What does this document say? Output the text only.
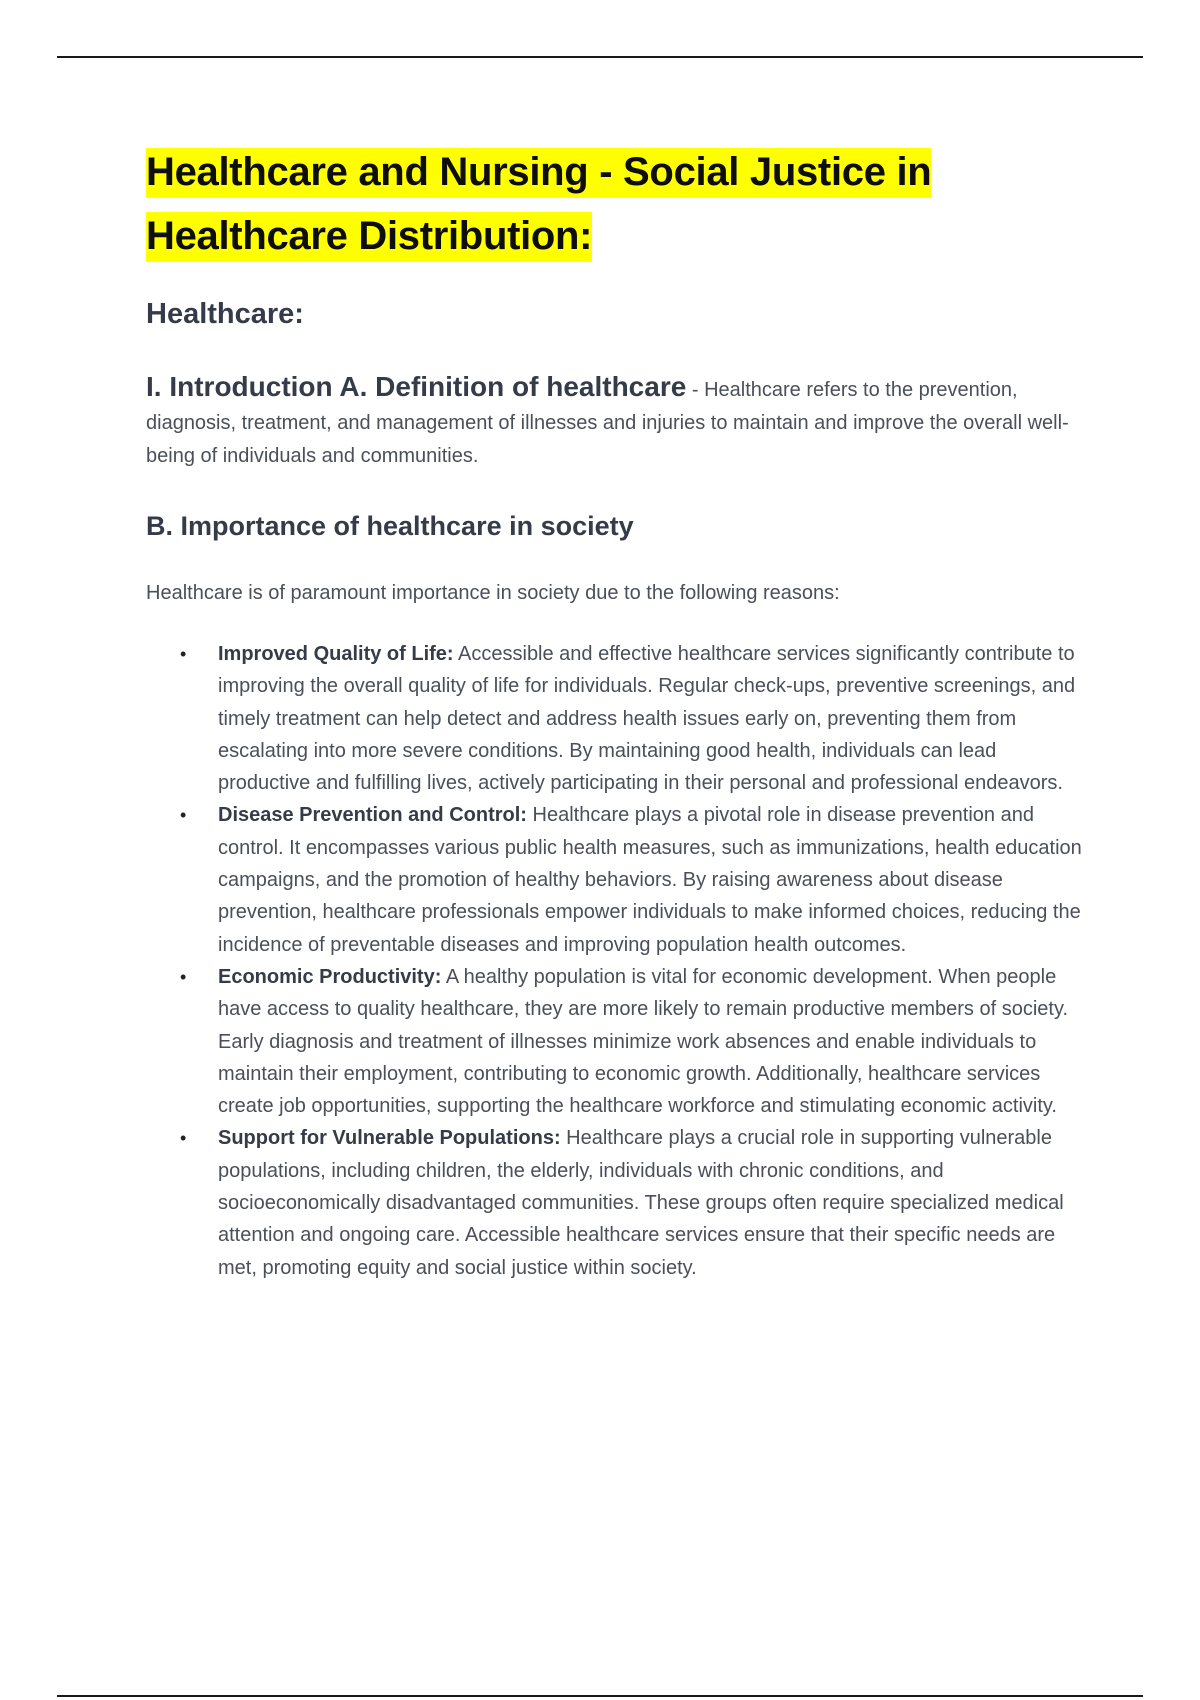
Healthcare and Nursing - Social Justice in
Healthcare Distribution:
Healthcare:

I. Introduction A. Definition of healthcare - Healthcare refers to the prevention, diagnosis, treatment, and management of illnesses and injuries to maintain and improve the overall well-being of individuals and communities.

B. Importance of healthcare in society

Healthcare is of paramount importance in society due to the following reasons:

• Improved Quality of Life: Accessible and effective healthcare services significantly contribute to improving the overall quality of life for individuals. Regular check-ups, preventive screenings, and timely treatment can help detect and address health issues early on, preventing them from escalating into more severe conditions. By maintaining good health, individuals can lead productive and fulfilling lives, actively participating in their personal and professional endeavors.
• Disease Prevention and Control: Healthcare plays a pivotal role in disease prevention and control. It encompasses various public health measures, such as immunizations, health education campaigns, and the promotion of healthy behaviors. By raising awareness about disease prevention, healthcare professionals empower individuals to make informed choices, reducing the incidence of preventable diseases and improving population health outcomes.
• Economic Productivity: A healthy population is vital for economic development. When people have access to quality healthcare, they are more likely to remain productive members of society. Early diagnosis and treatment of illnesses minimize work absences and enable individuals to maintain their employment, contributing to economic growth. Additionally, healthcare services create job opportunities, supporting the healthcare workforce and stimulating economic activity.
• Support for Vulnerable Populations: Healthcare plays a crucial role in supporting vulnerable populations, including children, the elderly, individuals with chronic conditions, and socioeconomically disadvantaged communities. These groups often require specialized medical attention and ongoing care. Accessible healthcare services ensure that their specific needs are met, promoting equity and social justice within society.
